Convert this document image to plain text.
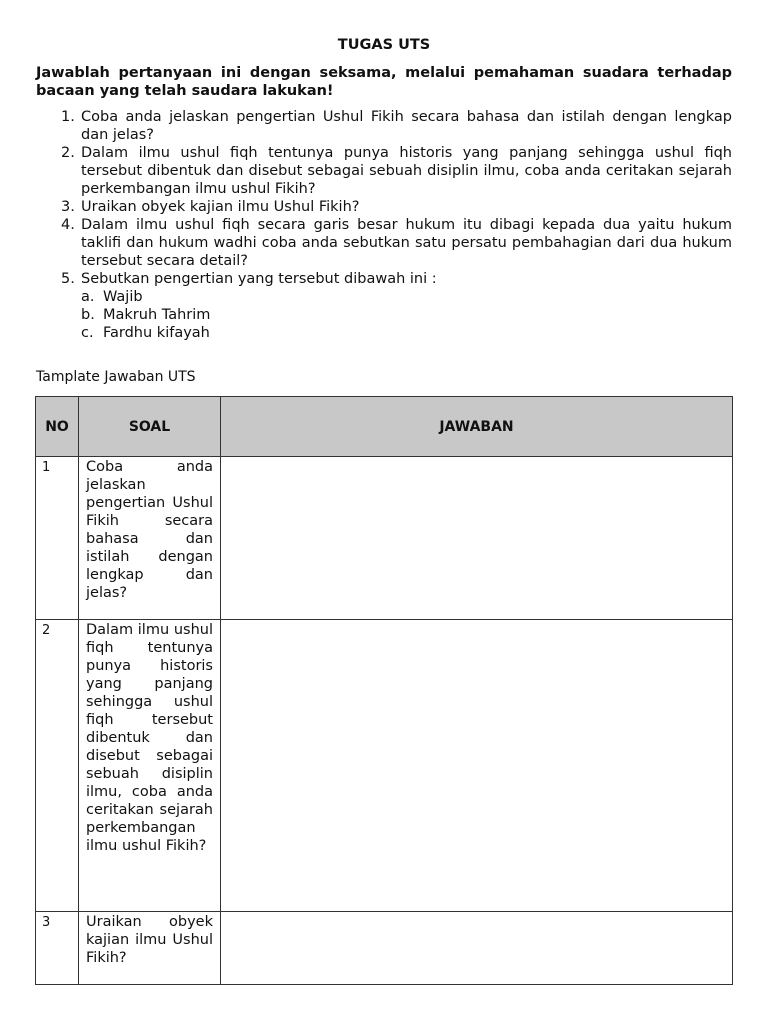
TUGAS UTS
Jawablah pertanyaan ini dengan seksama, melalui pemahaman suadara terhadap bacaan yang telah saudara lakukan!
1. Coba anda jelaskan pengertian Ushul Fikih secara bahasa dan istilah dengan lengkap dan jelas?
2. Dalam ilmu ushul fiqh tentunya punya historis yang panjang sehingga ushul fiqh tersebut dibentuk dan disebut sebagai sebuah disiplin ilmu, coba anda ceritakan sejarah perkembangan ilmu ushul Fikih?
3. Uraikan obyek kajian ilmu Ushul Fikih?
4. Dalam ilmu ushul fiqh secara garis besar hukum itu dibagi kepada dua yaitu hukum taklifi dan hukum wadhi coba anda sebutkan satu persatu pembahagian dari dua hukum tersebut secara detail?
5. Sebutkan pengertian yang tersebut dibawah ini :
a. Wajib
b. Makruh Tahrim
c. Fardhu kifayah
Tamplate Jawaban UTS
NO	SOAL	JAWABAN
1	Coba anda jelaskan pengertian Ushul Fikih secara bahasa dan istilah dengan lengkap dan jelas?	
2	Dalam ilmu ushul fiqh tentunya punya historis yang panjang sehingga ushul fiqh tersebut dibentuk dan disebut sebagai sebuah disiplin ilmu, coba anda ceritakan sejarah perkembangan ilmu ushul Fikih?	
3	Uraikan obyek kajian ilmu Ushul Fikih?	
